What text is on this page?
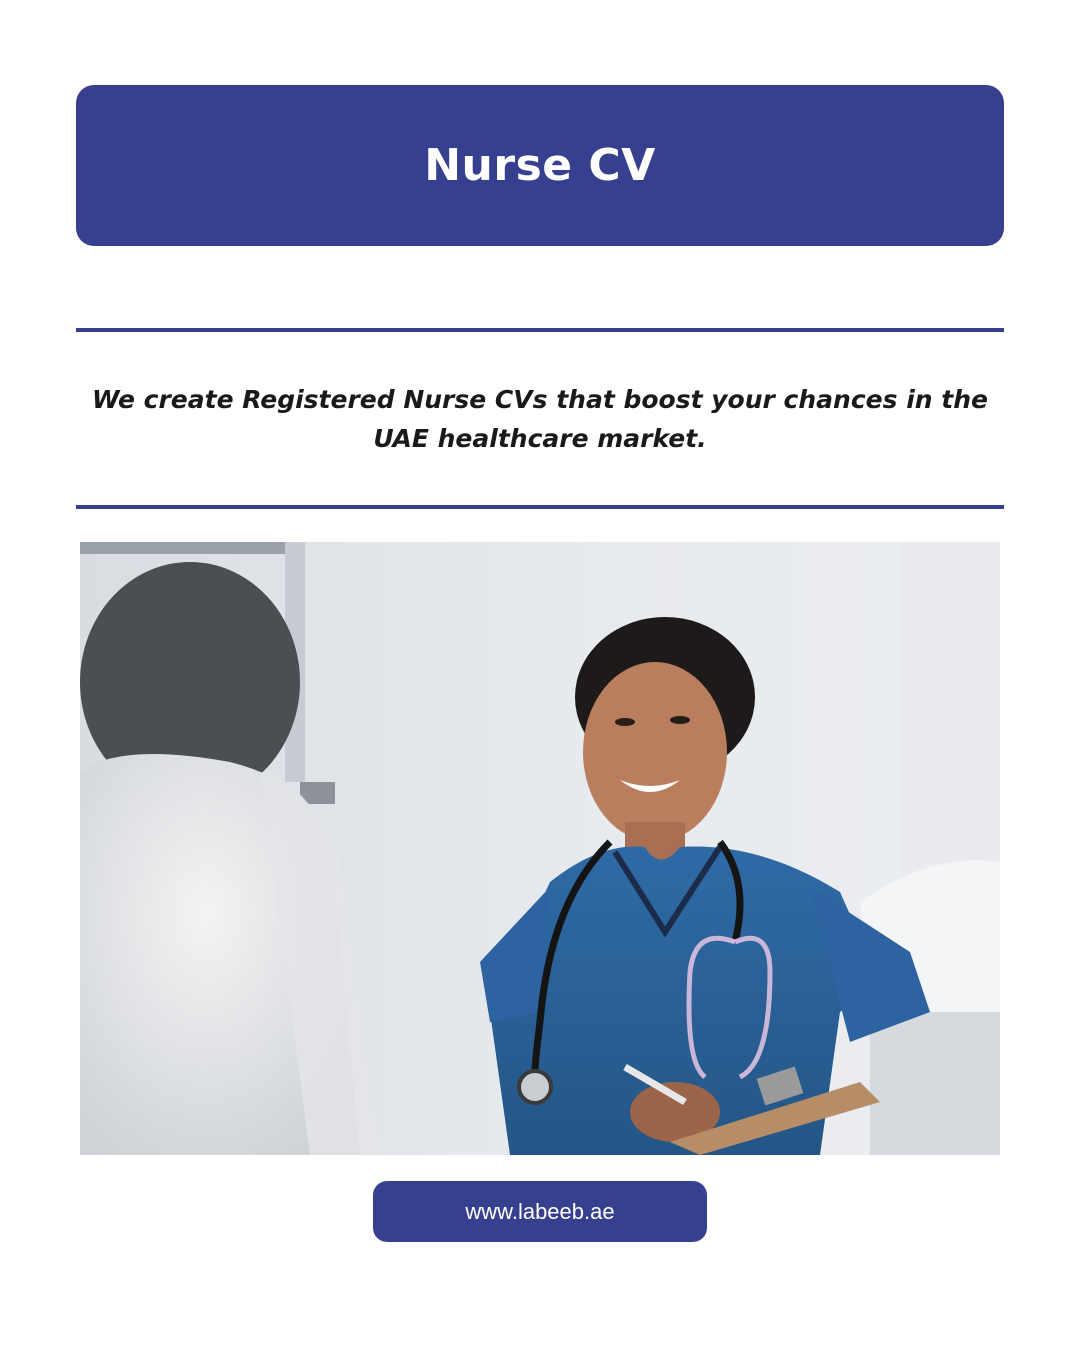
Nurse CV
We create Registered Nurse CVs that boost your chances in the UAE healthcare market.
www.labeeb.ae
